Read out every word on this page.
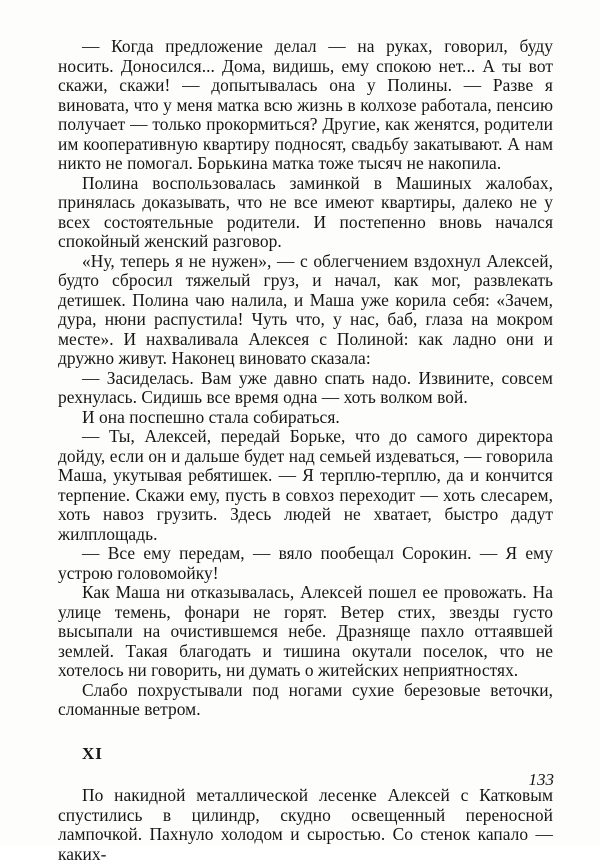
— Когда предложение делал — на руках, говорил, буду носить. Доносился... Дома, видишь, ему спокою нет... А ты вот скажи, скажи! — допытывалась она у Полины. — Разве я виновата, что у меня матка всю жизнь в колхозе работала, пенсию получает — только прокормиться? Другие, как женятся, родители им кооперативную квартиру подносят, свадьбу закатывают. А нам никто не помогал. Борькина матка тоже тысяч не накопила.

Полина воспользовалась заминкой в Машиных жалобах, принялась доказывать, что не все имеют квартиры, далеко не у всех состоятельные родители. И постепенно вновь начался спокойный женский разговор.

«Ну, теперь я не нужен», — с облегчением вздохнул Алексей, будто сбросил тяжелый груз, и начал, как мог, развлекать детишек. Полина чаю налила, и Маша уже корила себя: «Зачем, дура, нюни распустила! Чуть что, у нас, баб, глаза на мокром месте». И нахваливала Алексея с Полиной: как ладно они и дружно живут. Наконец виновато сказала:

— Засиделась. Вам уже давно спать надо. Извините, совсем рехнулась. Сидишь все время одна — хоть волком вой.

И она поспешно стала собираться.

— Ты, Алексей, передай Борьке, что до самого директора дойду, если он и дальше будет над семьей издеваться, — говорила Маша, укутывая ребятишек. — Я терплю-терплю, да и кончится терпение. Скажи ему, пусть в совхоз переходит — хоть слесарем, хоть навоз грузить. Здесь людей не хватает, быстро дадут жилплощадь.

— Все ему передам, — вяло пообещал Сорокин. — Я ему устрою головомойку!

Как Маша ни отказывалась, Алексей пошел ее провожать. На улице темень, фонари не горят. Ветер стих, звезды густо высыпали на очистившемся небе. Дразняще пахло оттаявшей землей. Такая благодать и тишина окутали поселок, что не хотелось ни говорить, ни думать о житейских неприятностях.

Слабо похрустывали под ногами сухие березовые веточки, сломанные ветром.

XI

По накидной металлической лесенке Алексей с Катковым спустились в цилиндр, скудно освещенный переносной лампочкой. Пахнуло холодом и сыростью. Со стенок капало — каких-

133
